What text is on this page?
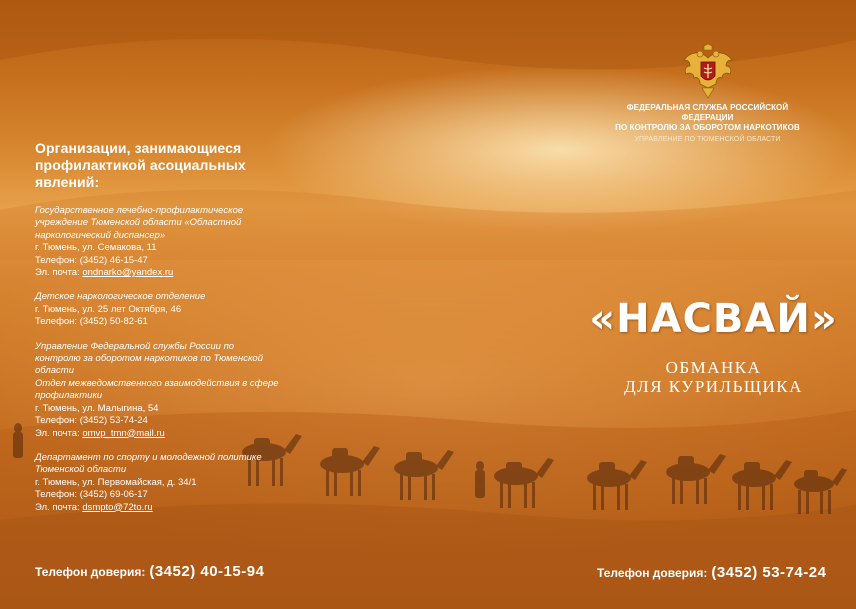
Организации, занимающиеся профилактикой асоциальных явлений:
Государственное лечебно-профилактическое учреждение Тюменской области «Областной наркологический диспансер»
г. Тюмень, ул. Семакова, 11
Телефон: (3452) 46-15-47
Эл. почта: ondnarko@yandex.ru
Детское наркологическое отделение
г. Тюмень, ул. 25 лет Октября, 46
Телефон: (3452) 50-82-61
Управление Федеральной службы России по контролю за оборотом наркотиков по Тюменской области
Отдел межведомственного взаимодействия в сфере профилактики
г. Тюмень, ул. Малыгина, 54
Телефон: (3452) 53-74-24
Эл. почта: omvp_tmn@mail.ru
Департамент по спорту и молодежной политике Тюменской области
г. Тюмень, ул. Первомайская, д. 34/1
Телефон: (3452) 69-06-17
Эл. почта: dsmpto@72to.ru
Телефон доверия: (3452) 40-15-94
ФЕДЕРАЛЬНАЯ СЛУЖБА РОССИЙСКОЙ ФЕДЕРАЦИИ
ПО КОНТРОЛЮ ЗА ОБОРОТОМ НАРКОТИКОВ
УПРАВЛЕНИЕ ПО ТЮМЕНСКОЙ ОБЛАСТИ
«НАСВАЙ»
ОБМАНКА
ДЛЯ КУРИЛЬЩИКА
Телефон доверия: (3452) 53-74-24
